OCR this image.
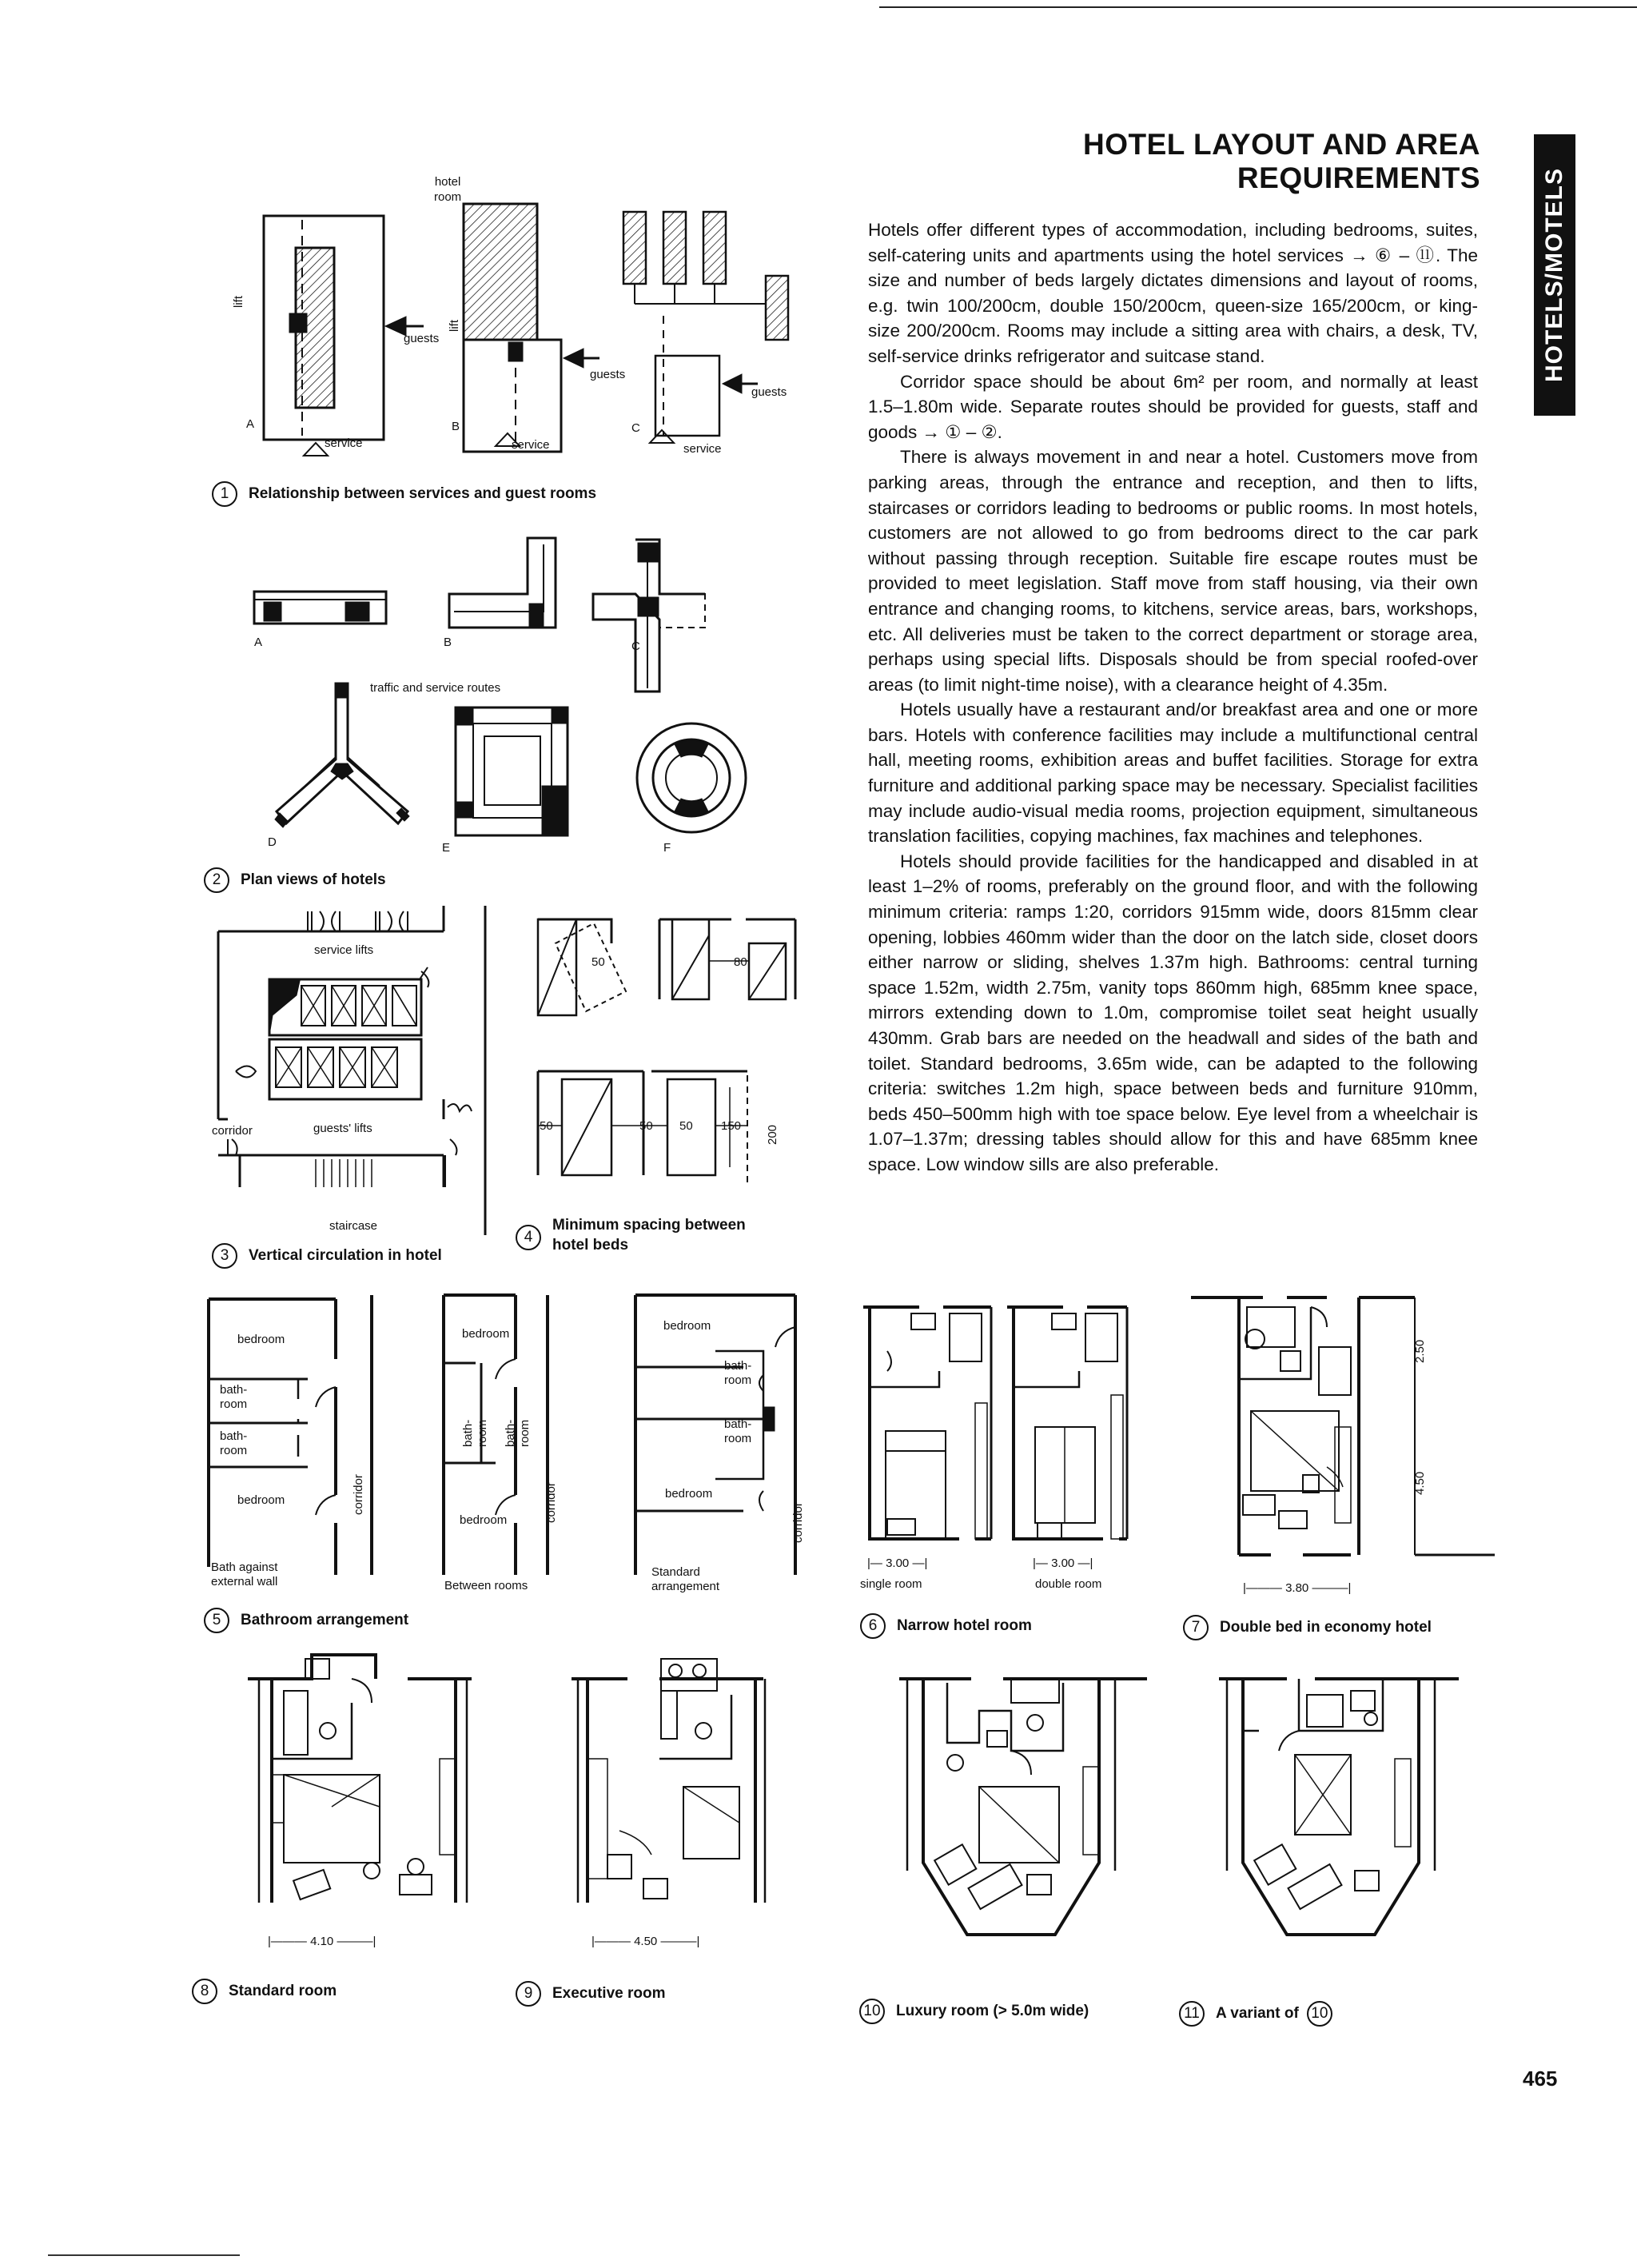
HOTEL LAYOUT AND AREA
REQUIREMENTS	HOTELS/MOTELS

Hotels offer different types of accommodation, including bedrooms, suites, self-catering units and apartments using the hotel services → ⑥ – ⑪. The size and number of beds largely dictates dimensions and layout of rooms, e.g. twin 100/200cm, double 150/200cm, queen-size 165/200cm, or king-size 200/200cm. Rooms may include a sitting area with chairs, a desk, TV, self-service drinks refrigerator and suitcase stand.

Corridor space should be about 6m² per room, and normally at least 1.5–1.80m wide. Separate routes should be provided for guests, staff and goods → ① – ②.

There is always movement in and near a hotel. Customers move from parking areas, through the entrance and reception, and then to lifts, staircases or corridors leading to bedrooms or public rooms. In most hotels, customers are not allowed to go from bedrooms direct to the car park without passing through reception. Suitable fire escape routes must be provided to meet legislation. Staff move from staff housing, via their own entrance and changing rooms, to kitchens, service areas, bars, workshops, etc. All deliveries must be taken to the correct department or storage area, perhaps using special lifts. Disposals should be from special roofed-over areas (to limit night-time noise), with a clearance height of 4.35m.

Hotels usually have a restaurant and/or breakfast area and one or more bars. Hotels with conference facilities may include a multifunctional central hall, meeting rooms, exhibition areas and buffet facilities. Storage for extra furniture and additional parking space may be necessary. Specialist facilities may include audio-visual media rooms, projection equipment, simultaneous translation facilities, copying machines, fax machines and telephones.

Hotels should provide facilities for the handicapped and disabled in at least 1–2% of rooms, preferably on the ground floor, and with the following minimum criteria: ramps 1:20, corridors 915mm wide, doors 815mm clear opening, lobbies 460mm wider than the door on the latch side, closet doors either narrow or sliding, shelves 1.37m high. Bathrooms: central turning space 1.52m, width 2.75m, vanity tops 860mm high, 685mm knee space, mirrors extending down to 1.0m, compromise toilet seat height usually 430mm. Grab bars are needed on the headwall and sides of the bath and toilet. Standard bedrooms, 3.65m wide, can be adapted to the following criteria: switches 1.2m high, space between beds and furniture 910mm, beds 450–500mm high with toe space below. Eye level from a wheelchair is 1.07–1.37m; dressing tables should allow for this and have 685mm knee space. Low window sills are also preferable.

465
hotel
room
lift
lift
guests
guests
guests
service	service	service
A	B	C
1	Relationship between services and guest rooms
A	B	C
D	E	F
traffic and service routes
2	Plan views of hotels
service lifts
corridor	guests' lifts
staircase
3	Vertical circulation in hotel
50	80
50	50 50 150 200
4
Minimum spacing between
hotel beds
bedroom
bath-
room
bath-
room
bedroom	corridor
Bath against
external wall
bedroom
bath-
room bath-
room
bedroom	corridor
Between rooms
bedroom
bath-
room
bath-
room
bedroom
corridor
Standard
arrangement
5	Bathroom arrangement
|— 3.00 —|	|— 3.00 —|
single room	double room
6	Narrow hotel room
2.50
4.50
|——— 3.80 ———|
7	Double bed in economy hotel
|——— 4.10 ———|
8	Standard room
|——— 4.50 ———|
9	Executive room
10 Luxury room (> 5.0m wide)	11	A variant of 10
